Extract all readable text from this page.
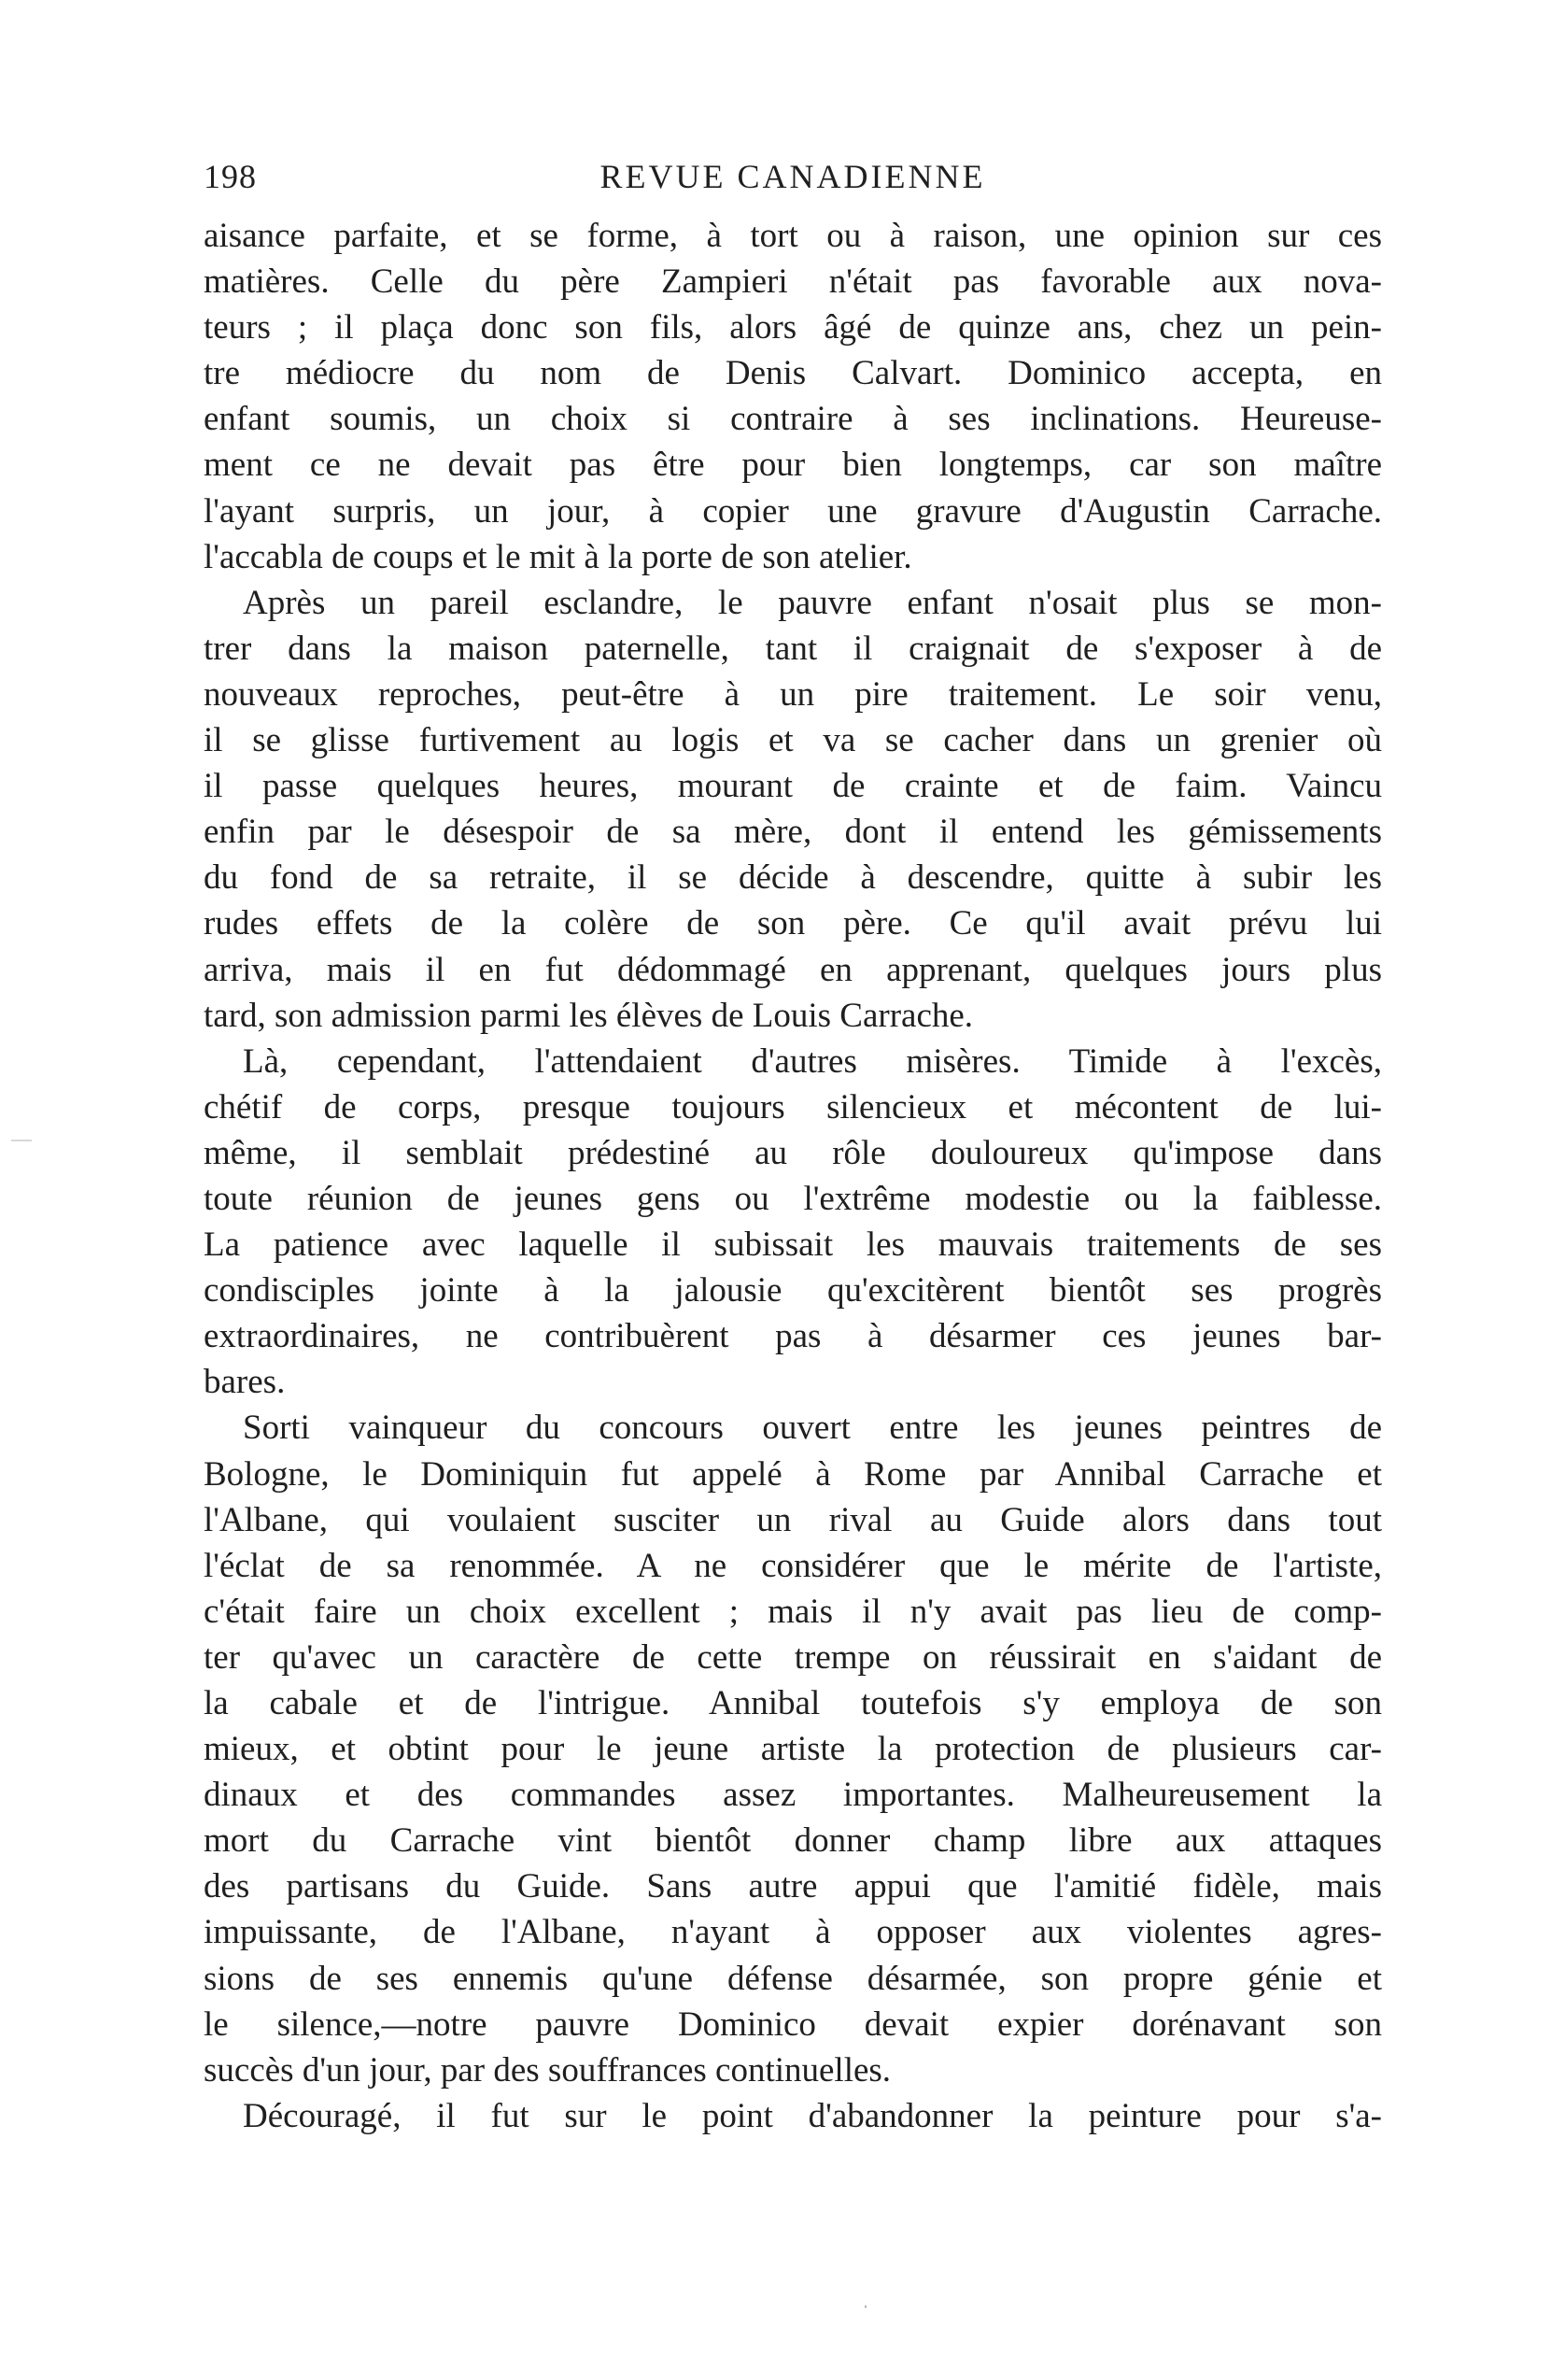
198	REVUE CANADIENNE
aisance parfaite, et se forme, à tort ou à raison, une opinion sur ces
matières. Celle du père Zampieri n'était pas favorable aux nova-
teurs ; il plaça donc son fils, alors âgé de quinze ans, chez un pein-
tre médiocre du nom de Denis Calvart. Dominico accepta, en
enfant soumis, un choix si contraire à ses inclinations. Heureuse-
ment ce ne devait pas être pour bien longtemps, car son maître
l'ayant surpris, un jour, à copier une gravure d'Augustin Carrache.
l'accabla de coups et le mit à la porte de son atelier.
Après un pareil esclandre, le pauvre enfant n'osait plus se mon-
trer dans la maison paternelle, tant il craignait de s'exposer à de
nouveaux reproches, peut-être à un pire traitement. Le soir venu,
il se glisse furtivement au logis et va se cacher dans un grenier où
il passe quelques heures, mourant de crainte et de faim. Vaincu
enfin par le désespoir de sa mère, dont il entend les gémissements
du fond de sa retraite, il se décide à descendre, quitte à subir les
rudes effets de la colère de son père. Ce qu'il avait prévu lui
arriva, mais il en fut dédommagé en apprenant, quelques jours plus
tard, son admission parmi les élèves de Louis Carrache.
Là, cependant, l'attendaient d'autres misères. Timide à l'excès,
chétif de corps, presque toujours silencieux et mécontent de lui-
même, il semblait prédestiné au rôle douloureux qu'impose dans
toute réunion de jeunes gens ou l'extrême modestie ou la faiblesse.
La patience avec laquelle il subissait les mauvais traitements de ses
condisciples jointe à la jalousie qu'excitèrent bientôt ses progrès
extraordinaires, ne contribuèrent pas à désarmer ces jeunes bar-
bares.
Sorti vainqueur du concours ouvert entre les jeunes peintres de
Bologne, le Dominiquin fut appelé à Rome par Annibal Carrache et
l'Albane, qui voulaient susciter un rival au Guide alors dans tout
l'éclat de sa renommée. A ne considérer que le mérite de l'artiste,
c'était faire un choix excellent ; mais il n'y avait pas lieu de comp-
ter qu'avec un caractère de cette trempe on réussirait en s'aidant de
la cabale et de l'intrigue. Annibal toutefois s'y employa de son
mieux, et obtint pour le jeune artiste la protection de plusieurs car-
dinaux et des commandes assez importantes. Malheureusement la
mort du Carrache vint bientôt donner champ libre aux attaques
des partisans du Guide. Sans autre appui que l'amitié fidèle, mais
impuissante, de l'Albane, n'ayant à opposer aux violentes agres-
sions de ses ennemis qu'une défense désarmée, son propre génie et
le silence,—notre pauvre Dominico devait expier dorénavant son
succès d'un jour, par des souffrances continuelles.
Découragé, il fut sur le point d'abandonner la peinture pour s'a-
